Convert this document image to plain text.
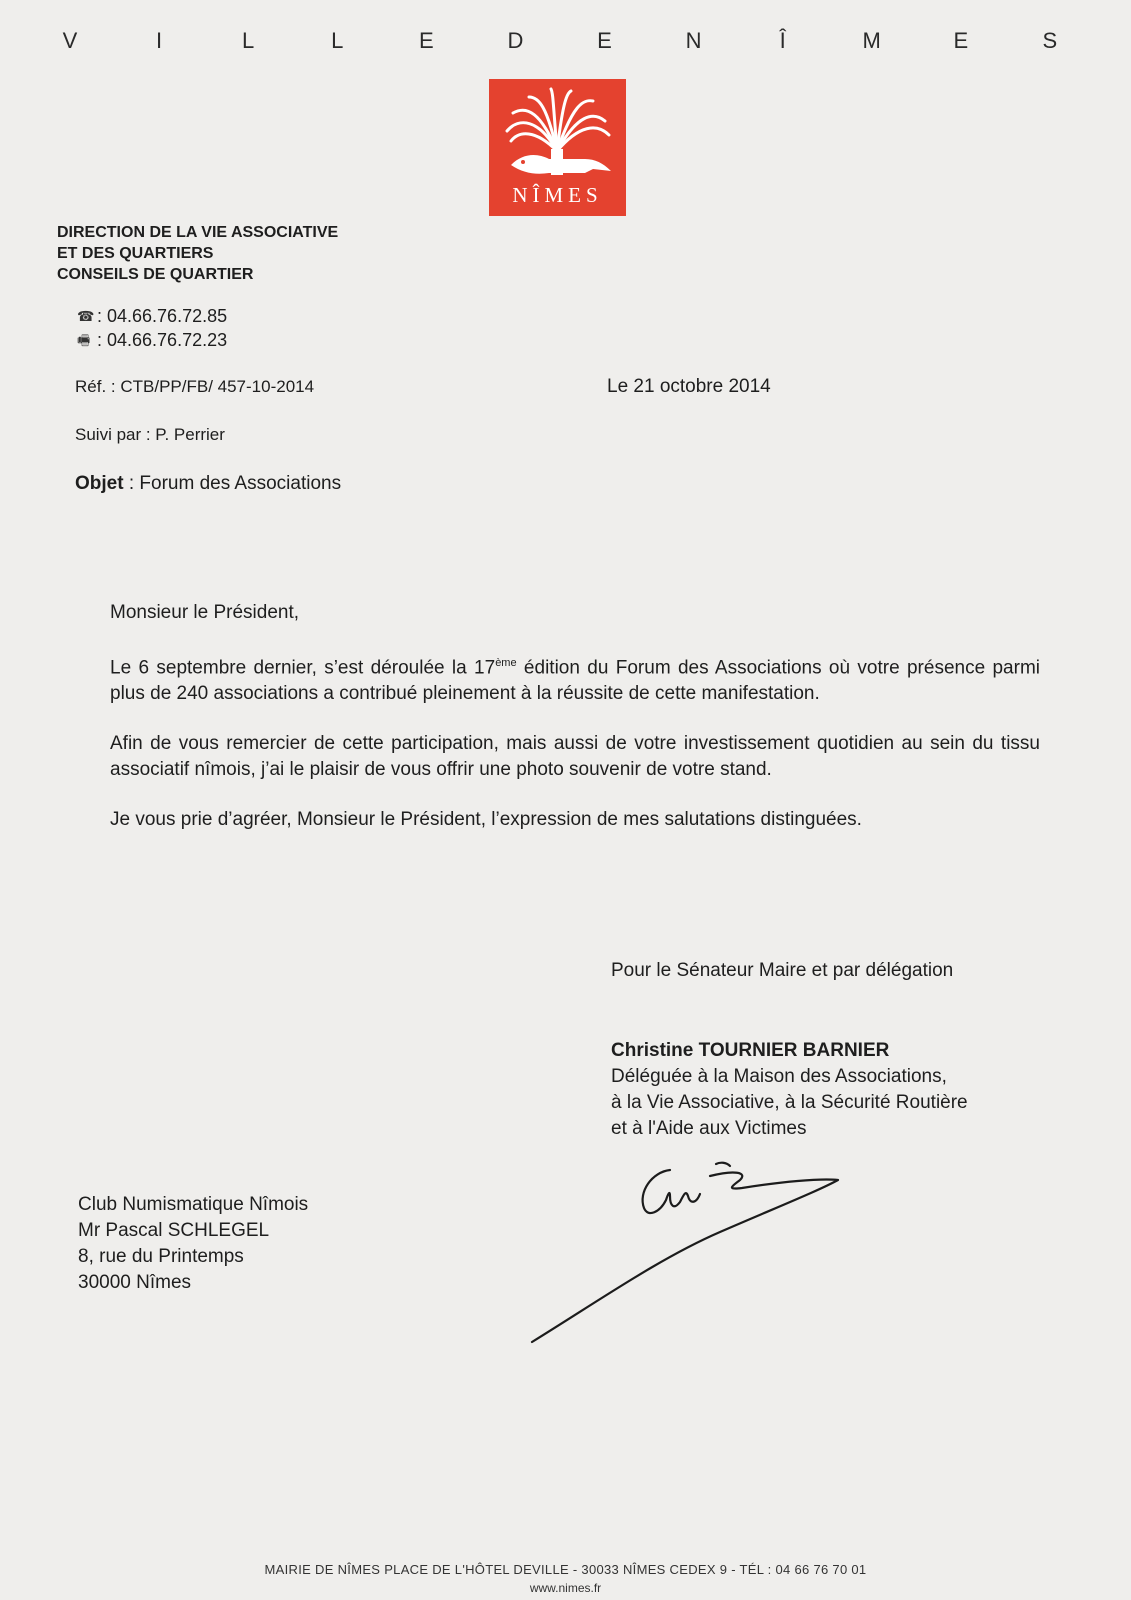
V	I	L	L	E	D	E	N	Î	M	E	S
NÎMES
DIRECTION DE LA VIE ASSOCIATIVE
ET DES QUARTIERS
CONSEILS DE QUARTIER
☎ : 04.66.76.72.85
🖷 : 04.66.76.72.23
Réf. : CTB/PP/FB/ 457-10-2014	Le 21 octobre 2014
Suivi par : P. Perrier
Objet : Forum des Associations

Monsieur le Président,

Le 6 septembre dernier, s’est déroulée la 17ème édition du Forum des Associations où votre présence parmi plus de 240 associations a contribué pleinement à la réussite de cette manifestation.

Afin de vous remercier de cette participation, mais aussi de votre investissement quotidien au sein du tissu associatif nîmois, j’ai le plaisir de vous offrir une photo souvenir de votre stand.

Je vous prie d’agréer, Monsieur le Président, l’expression de mes salutations distinguées.

Pour le Sénateur Maire et par délégation
Christine TOURNIER BARNIER
Déléguée à la Maison des Associations,
à la Vie Associative, à la Sécurité Routière
et à l'Aide aux Victimes
Club Numismatique Nîmois
Mr Pascal SCHLEGEL
8, rue du Printemps
30000 Nîmes
MAIRIE DE NÎMES PLACE DE L'HÔTEL DEVILLE - 30033 NÎMES CEDEX 9 - TÉL : 04 66 76 70 01
www.nimes.fr
